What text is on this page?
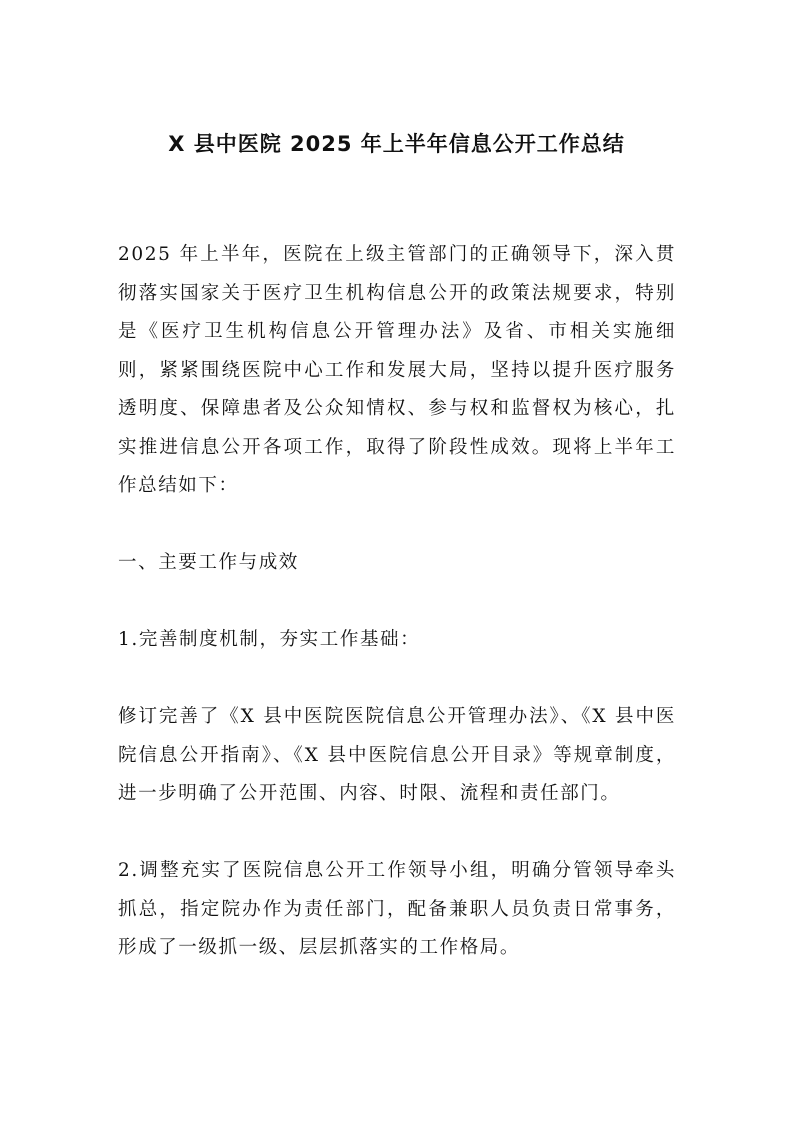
X 县中医院 2025 年上半年信息公开工作总结

2025 年上半年，医院在上级主管部门的正确领导下，深入贯彻落实国家关于医疗卫生机构信息公开的政策法规要求，特别是《医疗卫生机构信息公开管理办法》及省、市相关实施细则，紧紧围绕医院中心工作和发展大局，坚持以提升医疗服务透明度、保障患者及公众知情权、参与权和监督权为核心，扎实推进信息公开各项工作，取得了阶段性成效。现将上半年工作总结如下：

一、主要工作与成效

1.完善制度机制，夯实工作基础：

修订完善了《X 县中医院医院信息公开管理办法》、《X 县中医院信息公开指南》、《X 县中医院信息公开目录》等规章制度，进一步明确了公开范围、内容、时限、流程和责任部门。

2.调整充实了医院信息公开工作领导小组，明确分管领导牵头抓总，指定院办作为责任部门，配备兼职人员负责日常事务，形成了一级抓一级、层层抓落实的工作格局。
